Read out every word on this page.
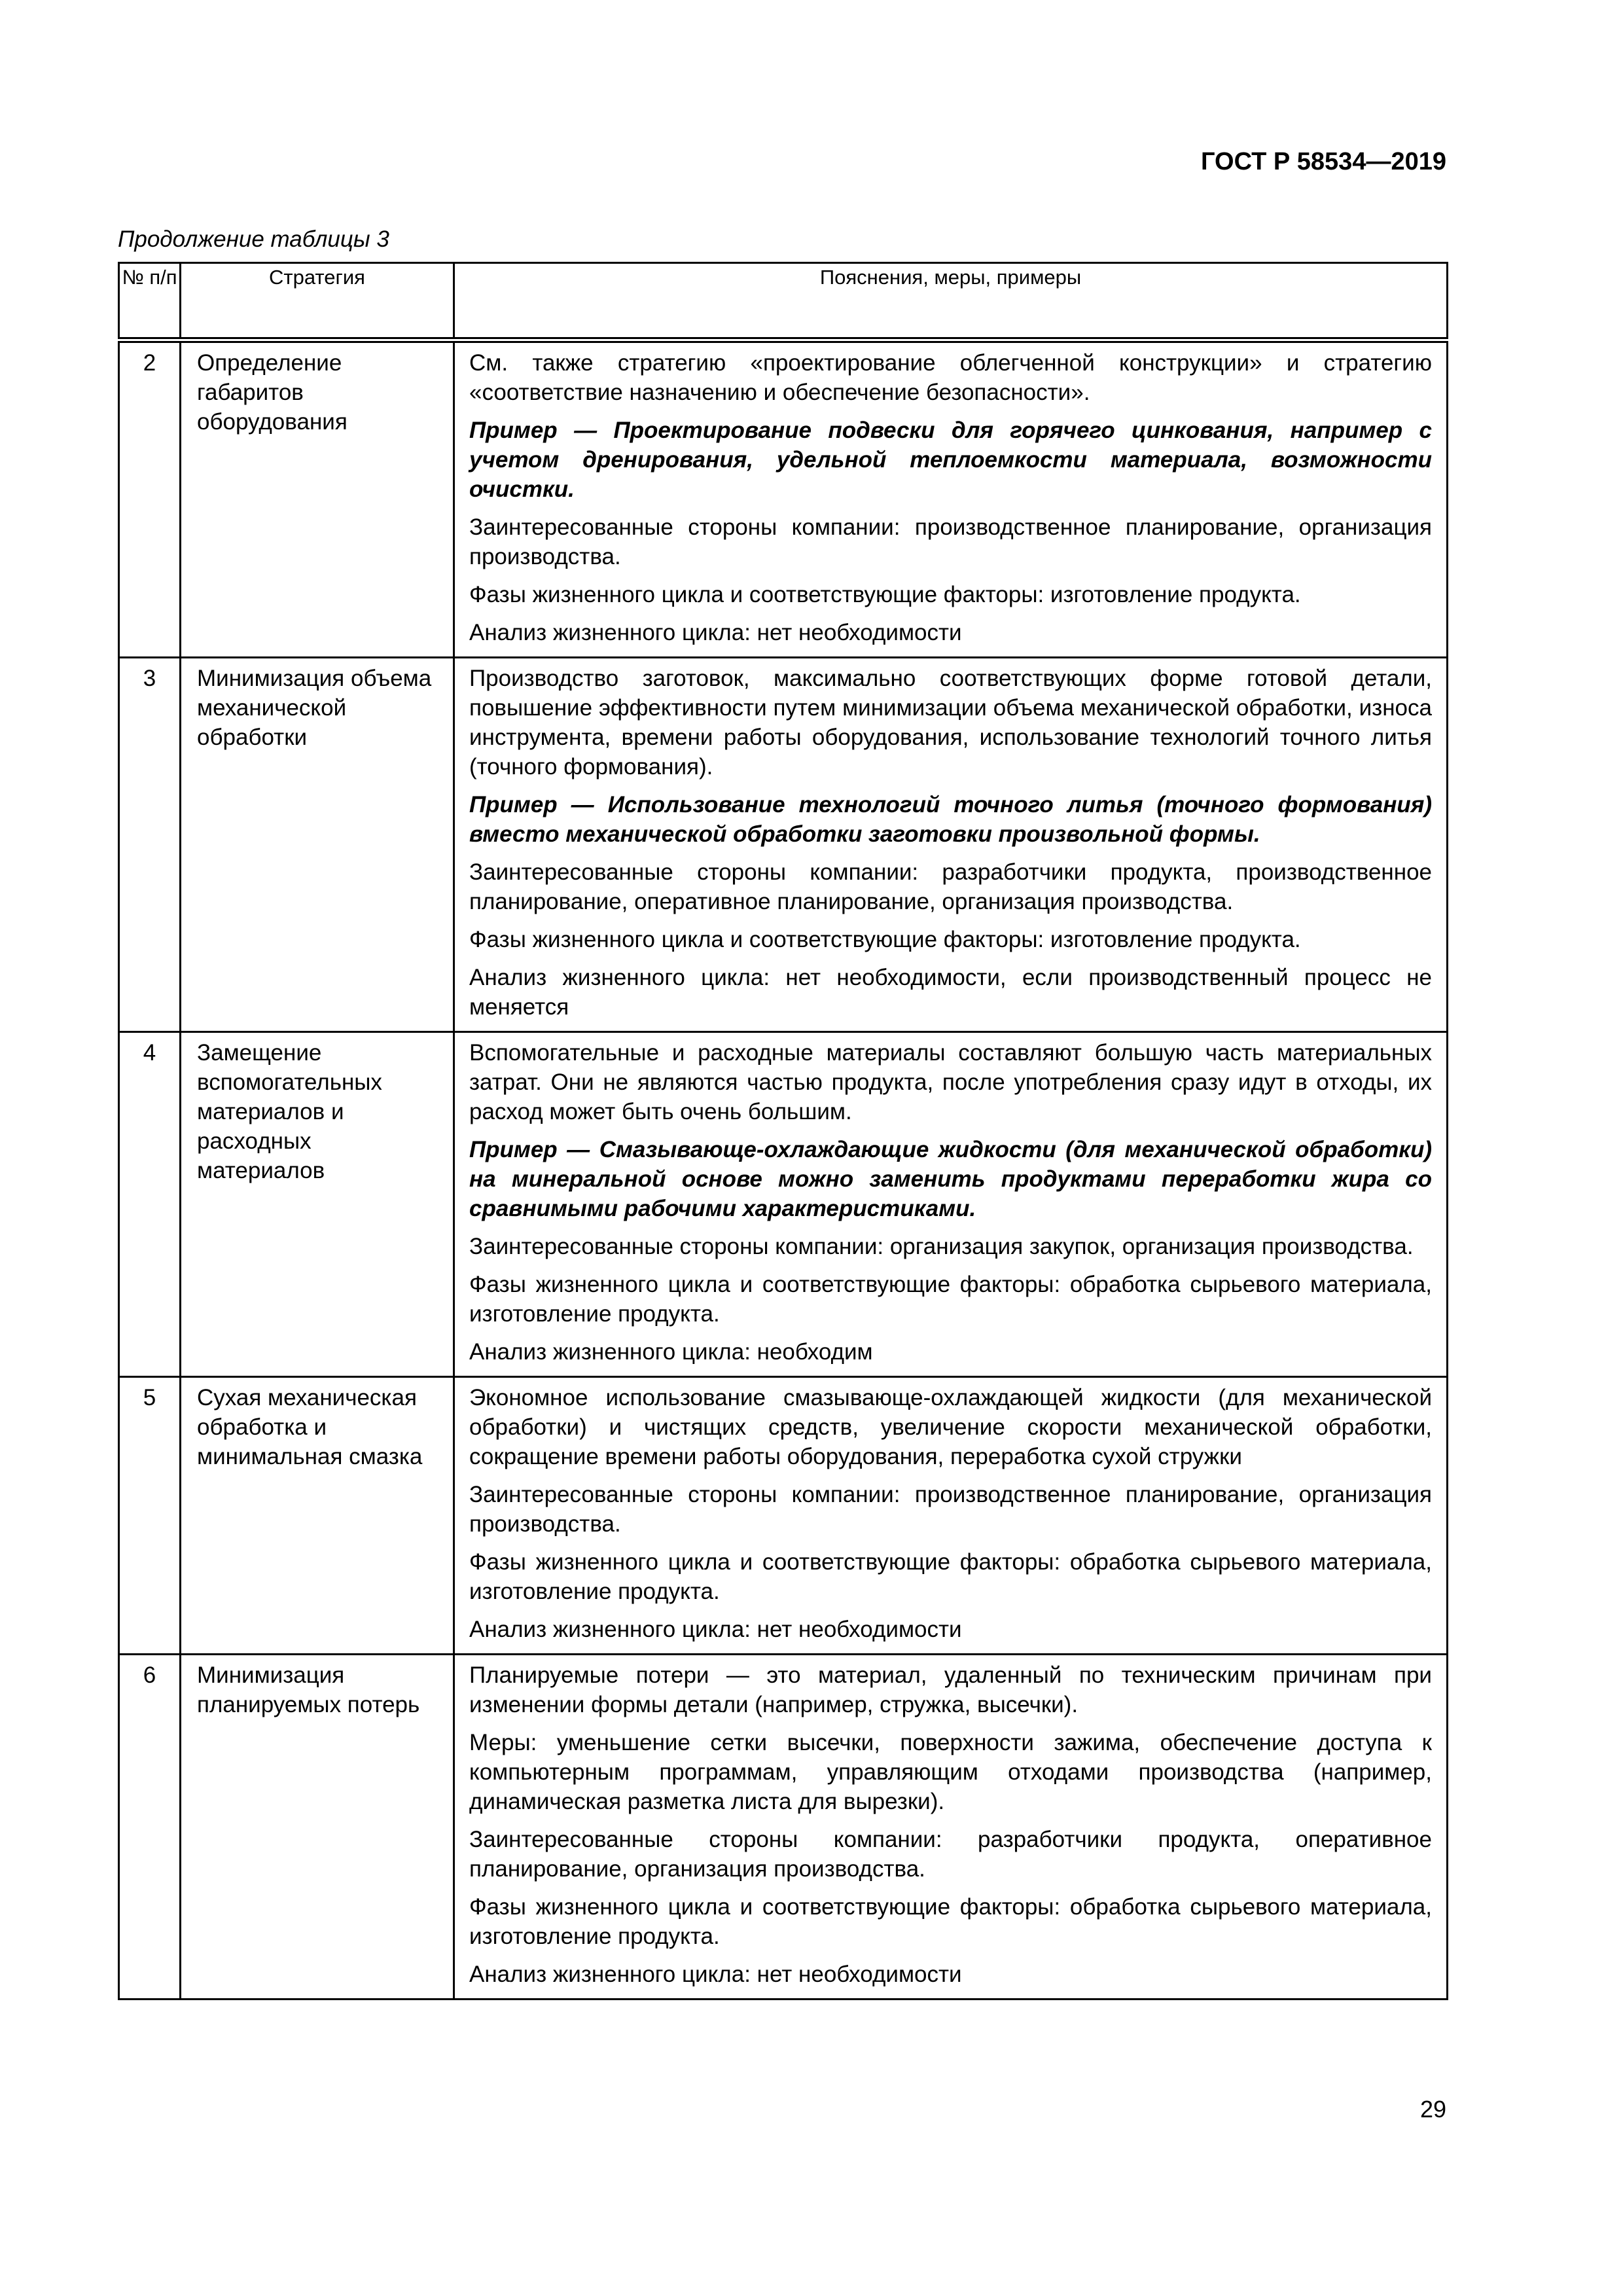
ГОСТ Р 58534—2019
Продолжение таблицы 3
№ п/п	Стратегия	Пояснения, меры, примеры
2	Определение габаритов оборудования	См. также стратегию «проектирование облегченной конструкции» и стратегию «соответствие назначению и обеспечение безопасности».

Пример — Проектирование подвески для горячего цинкования, например с учетом дренирования, удельной теплоемкости материала, возможности очистки.

Заинтересованные стороны компании: производственное планирование, организация производства.

Фазы жизненного цикла и соответствующие факторы: изготовление продукта.

Анализ жизненного цикла: нет необходимости

3	Минимизация объема механической обработки	Производство заготовок, максимально соответствующих форме готовой детали, повышение эффективности путем минимизации объема механической обработки, износа инструмента, времени работы оборудования, использование технологий точного литья (точного формования).

Пример — Использование технологий точного литья (точного формования) вместо механической обработки заготовки произвольной формы.

Заинтересованные стороны компании: разработчики продукта, производственное планирование, оперативное планирование, организация производства.

Фазы жизненного цикла и соответствующие факторы: изготовление продукта.

Анализ жизненного цикла: нет необходимости, если производственный процесс не меняется

4	Замещение вспомогательных материалов и расходных материалов	Вспомогательные и расходные материалы составляют большую часть материальных затрат. Они не являются частью продукта, после употребления сразу идут в отходы, их расход может быть очень большим.

Пример — Смазывающе-охлаждающие жидкости (для механической обработки) на минеральной основе можно заменить продуктами переработки жира со сравнимыми рабочими характеристиками.

Заинтересованные стороны компании: организация закупок, организация производства.

Фазы жизненного цикла и соответствующие факторы: обработка сырьевого материала, изготовление продукта.

Анализ жизненного цикла: необходим

5	Сухая механическая обработка и минимальная смазка	Экономное использование смазывающе-охлаждающей жидкости (для механической обработки) и чистящих средств, увеличение скорости механической обработки, сокращение времени работы оборудования, переработка сухой стружки

Заинтересованные стороны компании: производственное планирование, организация производства.

Фазы жизненного цикла и соответствующие факторы: обработка сырьевого материала, изготовление продукта.

Анализ жизненного цикла: нет необходимости

6	Минимизация планируемых потерь	Планируемые потери — это материал, удаленный по техническим причинам при изменении формы детали (например, стружка, высечки).

Меры: уменьшение сетки высечки, поверхности зажима, обеспечение доступа к компьютерным программам, управляющим отходами производства (например, динамическая разметка листа для вырезки).

Заинтересованные стороны компании: разработчики продукта, оперативное планирование, организация производства.

Фазы жизненного цикла и соответствующие факторы: обработка сырьевого материала, изготовление продукта.

Анализ жизненного цикла: нет необходимости

29
